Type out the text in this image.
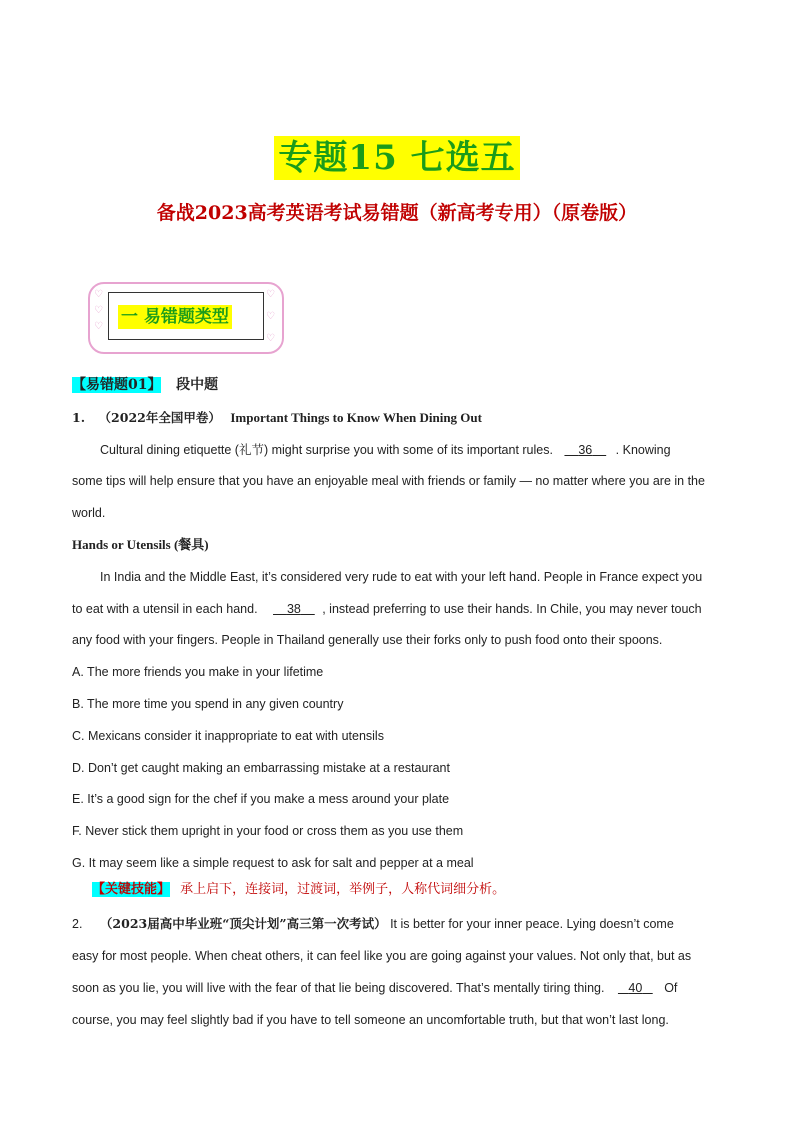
专题15 七选五
备战2023高考英语考试易错题（新高考专用）（原卷版）
♡
♡
♡
♡
♡
♡
一 易错题类型
【易错题01】 段中题
1. （2022年全国甲卷） Important Things to Know When Dining Out
Cultural dining etiquette (礼节) might surprise you with some of its important rules. 36 . Knowing
some tips will help ensure that you have an enjoyable meal with friends or family — no matter where you are in the
world.
Hands or Utensils (餐具)
In India and the Middle East, it’s considered very rude to eat with your left hand. People in France expect you
to eat with a utensil in each hand. 38 , instead preferring to use their hands. In Chile, you may never touch
any food with your fingers. People in Thailand generally use their forks only to push food onto their spoons.
A. The more friends you make in your lifetime
B. The more time you spend in any given country
C. Mexicans consider it inappropriate to eat with utensils
D. Don’t get caught making an embarrassing mistake at a restaurant
E. It’s a good sign for the chef if you make a mess around your plate
F. Never stick them upright in your food or cross them as you use them
G. It may seem like a simple request to ask for salt and pepper at a meal
【关键技能】 承上启下，连接词，过渡词，举例子，人称代词细分析。
2. （2023届高中毕业班“顶尖计划”高三第一次考试） It is better for your inner peace. Lying doesn’t come
easy for most people. When cheat others, it can feel like you are going against your values. Not only that, but as
soon as you lie, you will live with the fear of that lie being discovered. That’s mentally tiring thing. 40 Of
course, you may feel slightly bad if you have to tell someone an uncomfortable truth, but that won’t last long.
